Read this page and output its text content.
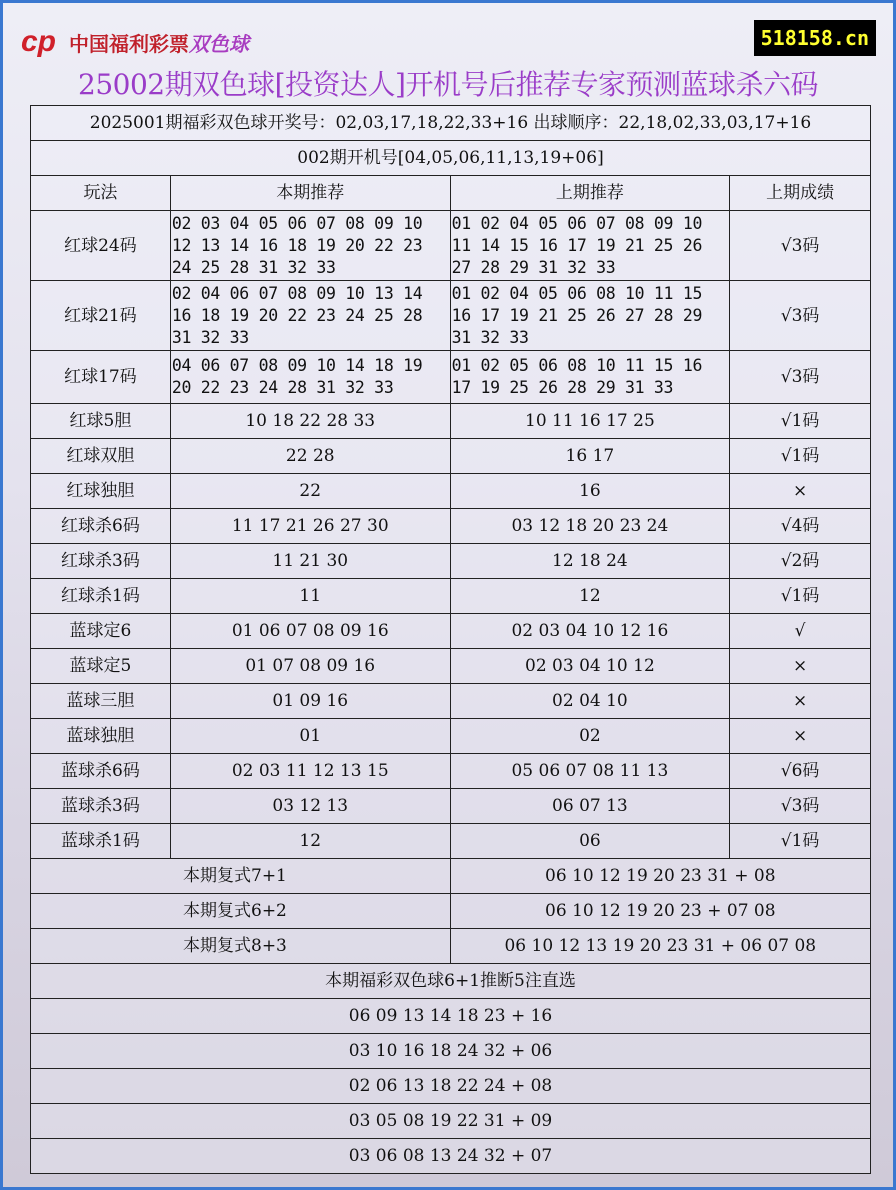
cp 中国福利彩票双色球	518158.cn
25002期双色球[投资达人]开机号后推荐专家预测蓝球杀六码
2025001期福彩双色球开奖号：02,03,17,18,22,33+16 出球顺序：22,18,02,33,03,17+16			
002期开机号[04,05,06,11,13,19+06]			
玩法	本期推荐	上期推荐	上期成绩
红球24码	02 03 04 05 06 07 08 09 10
12 13 14 16 18 19 20 22 23
24 25 28 31 32 33	01 02 04 05 06 07 08 09 10
11 14 15 16 17 19 21 25 26
27 28 29 31 32 33	√3码
红球21码	02 04 06 07 08 09 10 13 14
16 18 19 20 22 23 24 25 28
31 32 33	01 02 04 05 06 08 10 11 15
16 17 19 21 25 26 27 28 29
31 32 33	√3码
红球17码	04 06 07 08 09 10 14 18 19
20 22 23 24 28 31 32 33	01 02 05 06 08 10 11 15 16
17 19 25 26 28 29 31 33	√3码
红球5胆	10 18 22 28 33	10 11 16 17 25	√1码
红球双胆	22 28	16 17	√1码
红球独胆	22	16	×
红球杀6码	11 17 21 26 27 30	03 12 18 20 23 24	√4码
红球杀3码	11 21 30	12 18 24	√2码
红球杀1码	11	12	√1码
蓝球定6	01 06 07 08 09 16	02 03 04 10 12 16	√
蓝球定5	01 07 08 09 16	02 03 04 10 12	×
蓝球三胆	01 09 16	02 04 10	×
蓝球独胆	01	02	×
蓝球杀6码	02 03 11 12 13 15	05 06 07 08 11 13	√6码
蓝球杀3码	03 12 13	06 07 13	√3码
蓝球杀1码	12	06	√1码
本期复式7+1		06 10 12 19 20 23 31 + 08	
本期复式6+2		06 10 12 19 20 23 + 07 08	
本期复式8+3		06 10 12 13 19 20 23 31 + 06 07 08	
本期福彩双色球6+1推断5注直选			
06 09 13 14 18 23 + 16			
03 10 16 18 24 32 + 06			
02 06 13 18 22 24 + 08			
03 05 08 19 22 31 + 09			
03 06 08 13 24 32 + 07			
